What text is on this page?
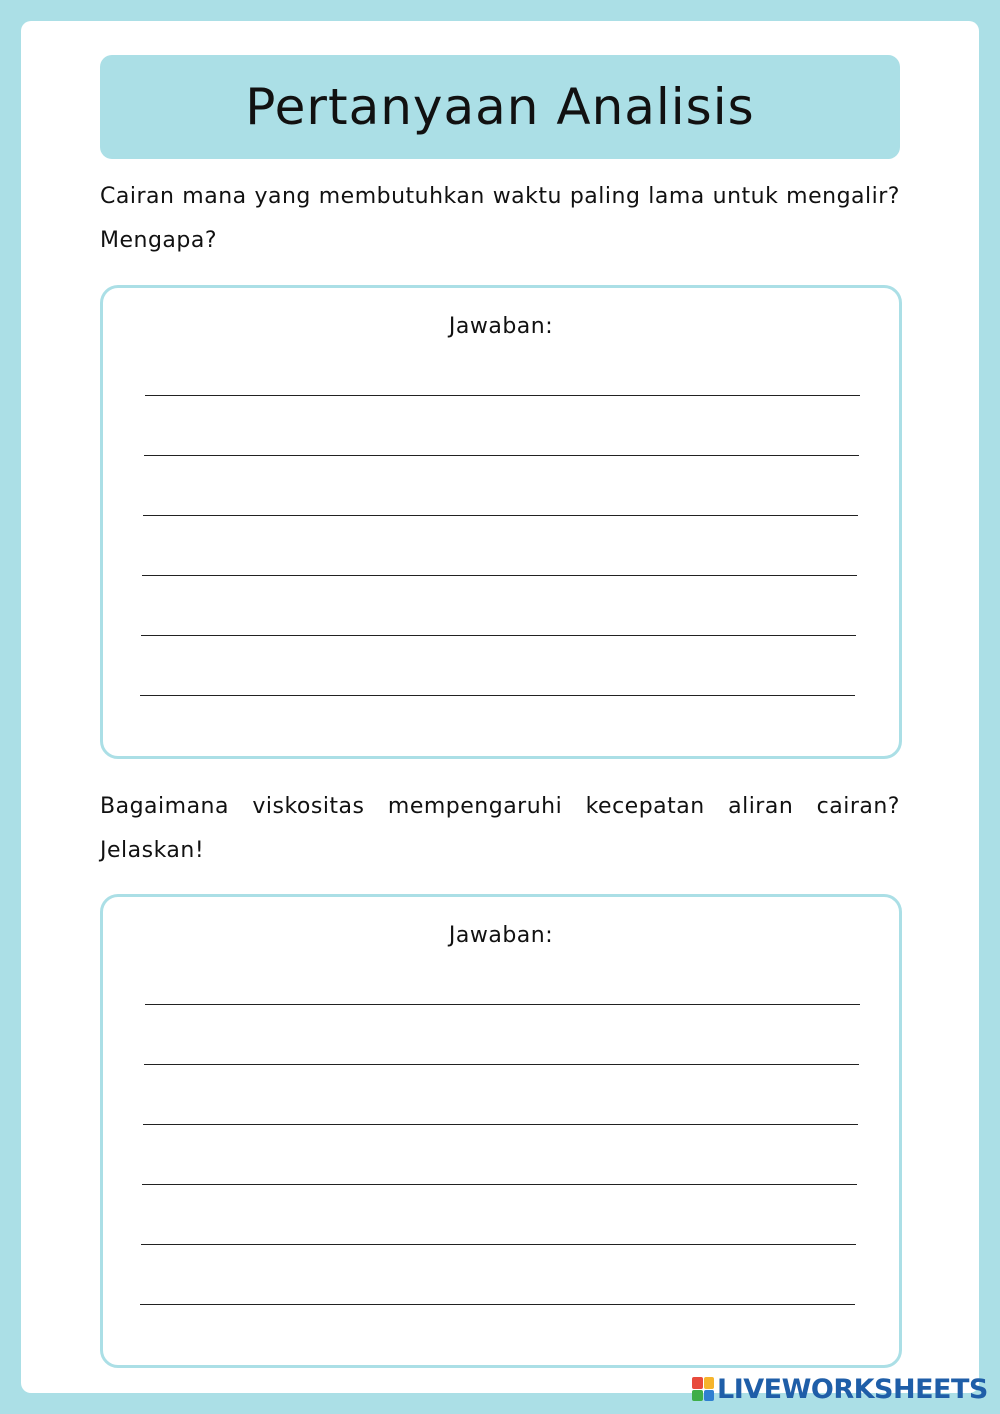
Pertanyaan Analisis
Cairan mana yang membutuhkan waktu paling lama untuk mengalir? Mengapa?
Jawaban:
Bagaimana viskositas mempengaruhi kecepatan aliran cairan? Jelaskan!
Jawaban:
LIVEWORKSHEETS
